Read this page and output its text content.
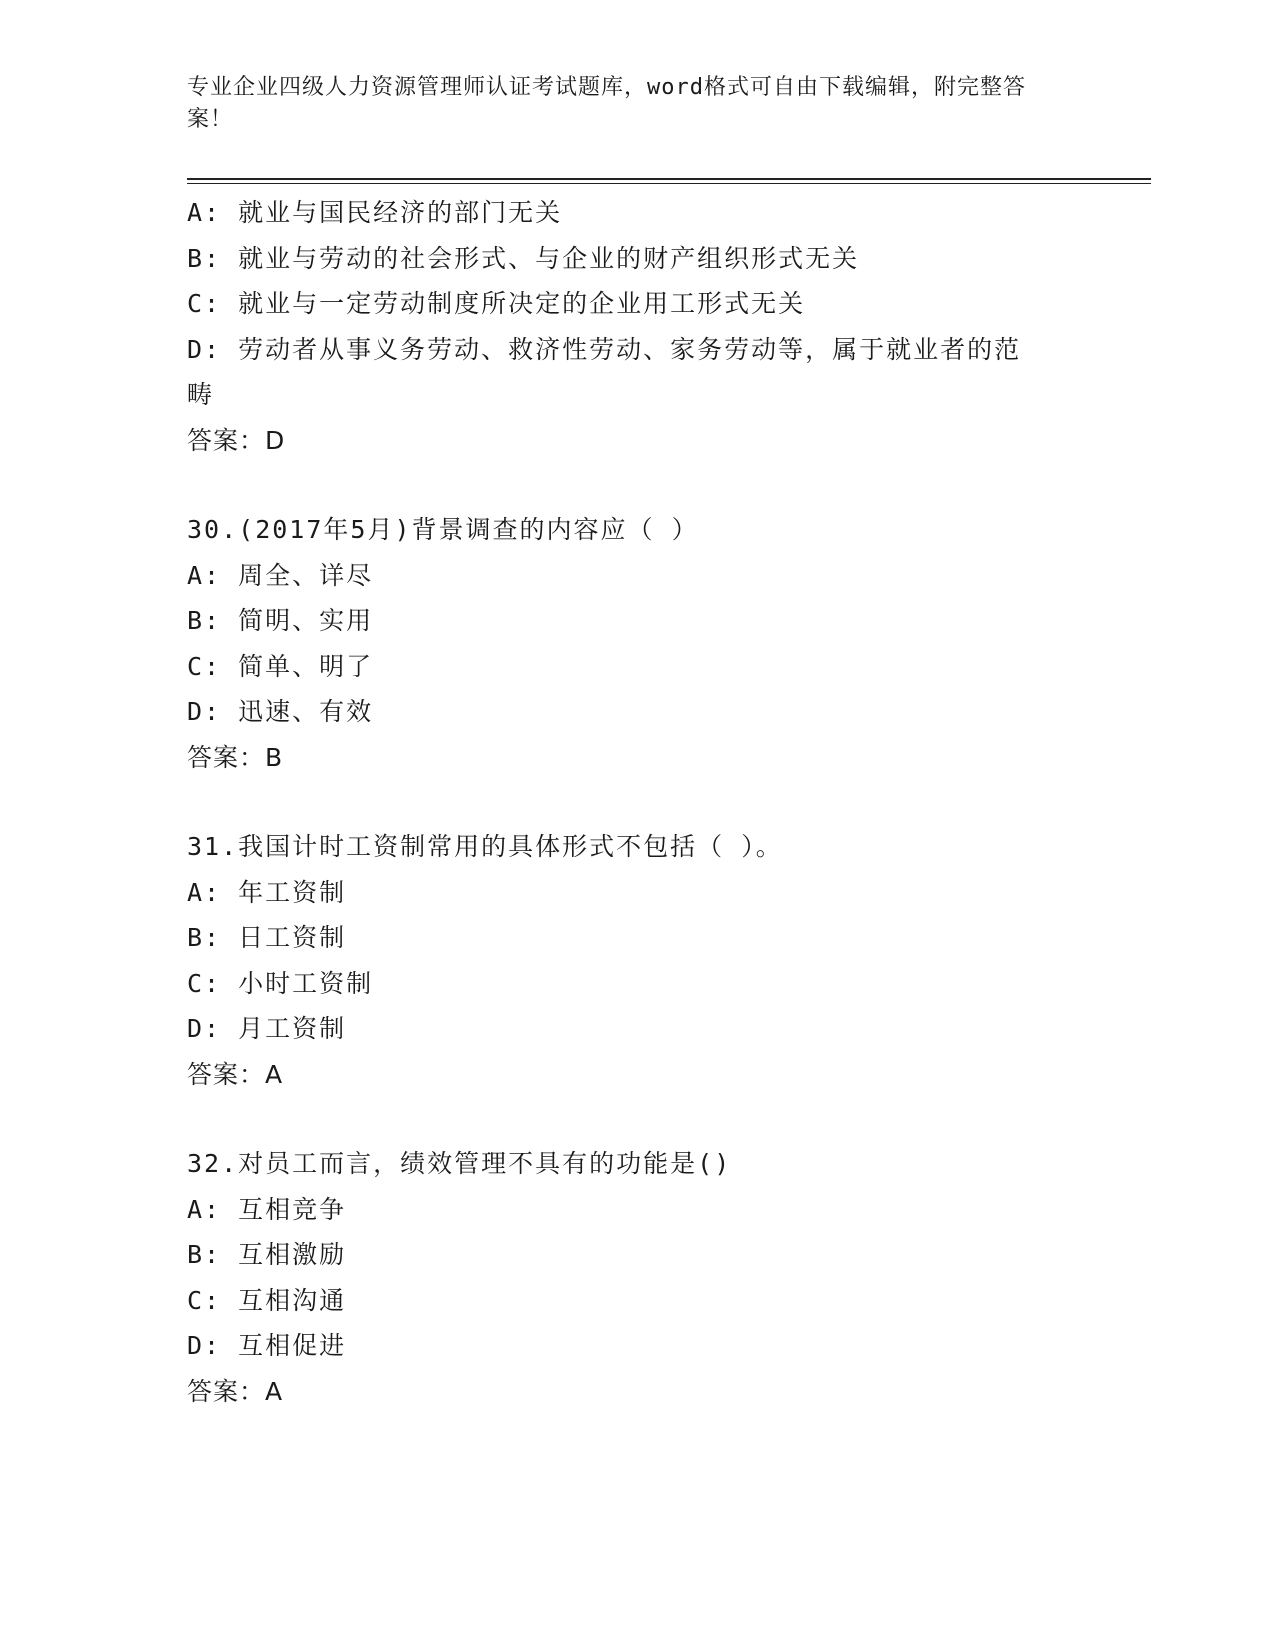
专业企业四级人力资源管理师认证考试题库，word格式可自由下载编辑，附完整答案！
A: 就业与国民经济的部门无关
B: 就业与劳动的社会形式、与企业的财产组织形式无关
C: 就业与一定劳动制度所决定的企业用工形式无关
D: 劳动者从事义务劳动、救济性劳动、家务劳动等，属于就业者的范畴
答案：D
30.(2017年5月)背景调查的内容应（ ）
A: 周全、详尽
B: 简明、实用
C: 简单、明了
D: 迅速、有效
答案：B
31.我国计时工资制常用的具体形式不包括（ ）。
A: 年工资制
B: 日工资制
C: 小时工资制
D: 月工资制
答案：A
32.对员工而言，绩效管理不具有的功能是()
A: 互相竞争
B: 互相激励
C: 互相沟通
D: 互相促进
答案：A
